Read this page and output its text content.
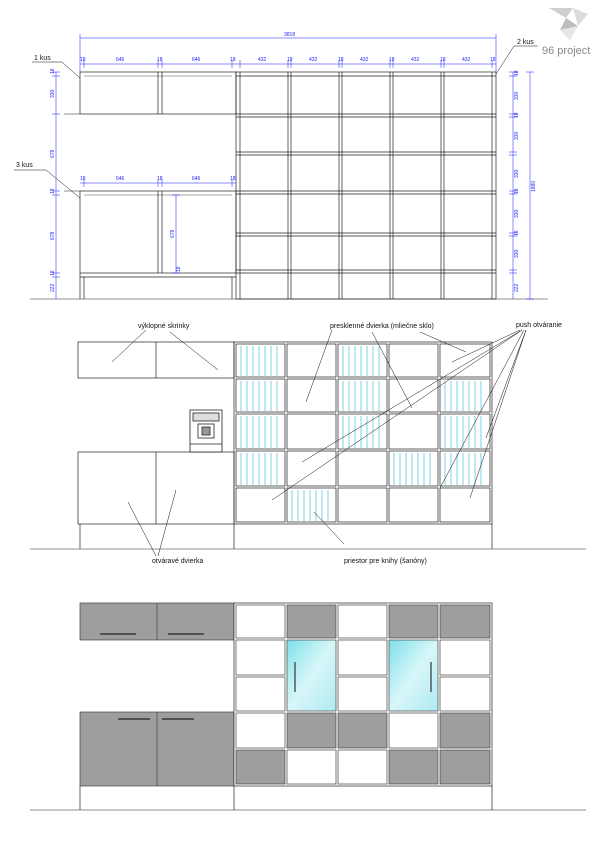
96 project
3818
18	646	18	646	18	432	18	432	18	432	18	432	18	432	18
18	646	18	646	18
18
330
678
18
678
18
222
18
330
18
330
330
18
330
18
330
222
1880
678
18
1 kus
2 kus
3 kus
výklopné skrinky	presklenné dvierka (mliečne sklo)	push otváranie
otváravé dvierka	priestor pre knihy (šanóny)
